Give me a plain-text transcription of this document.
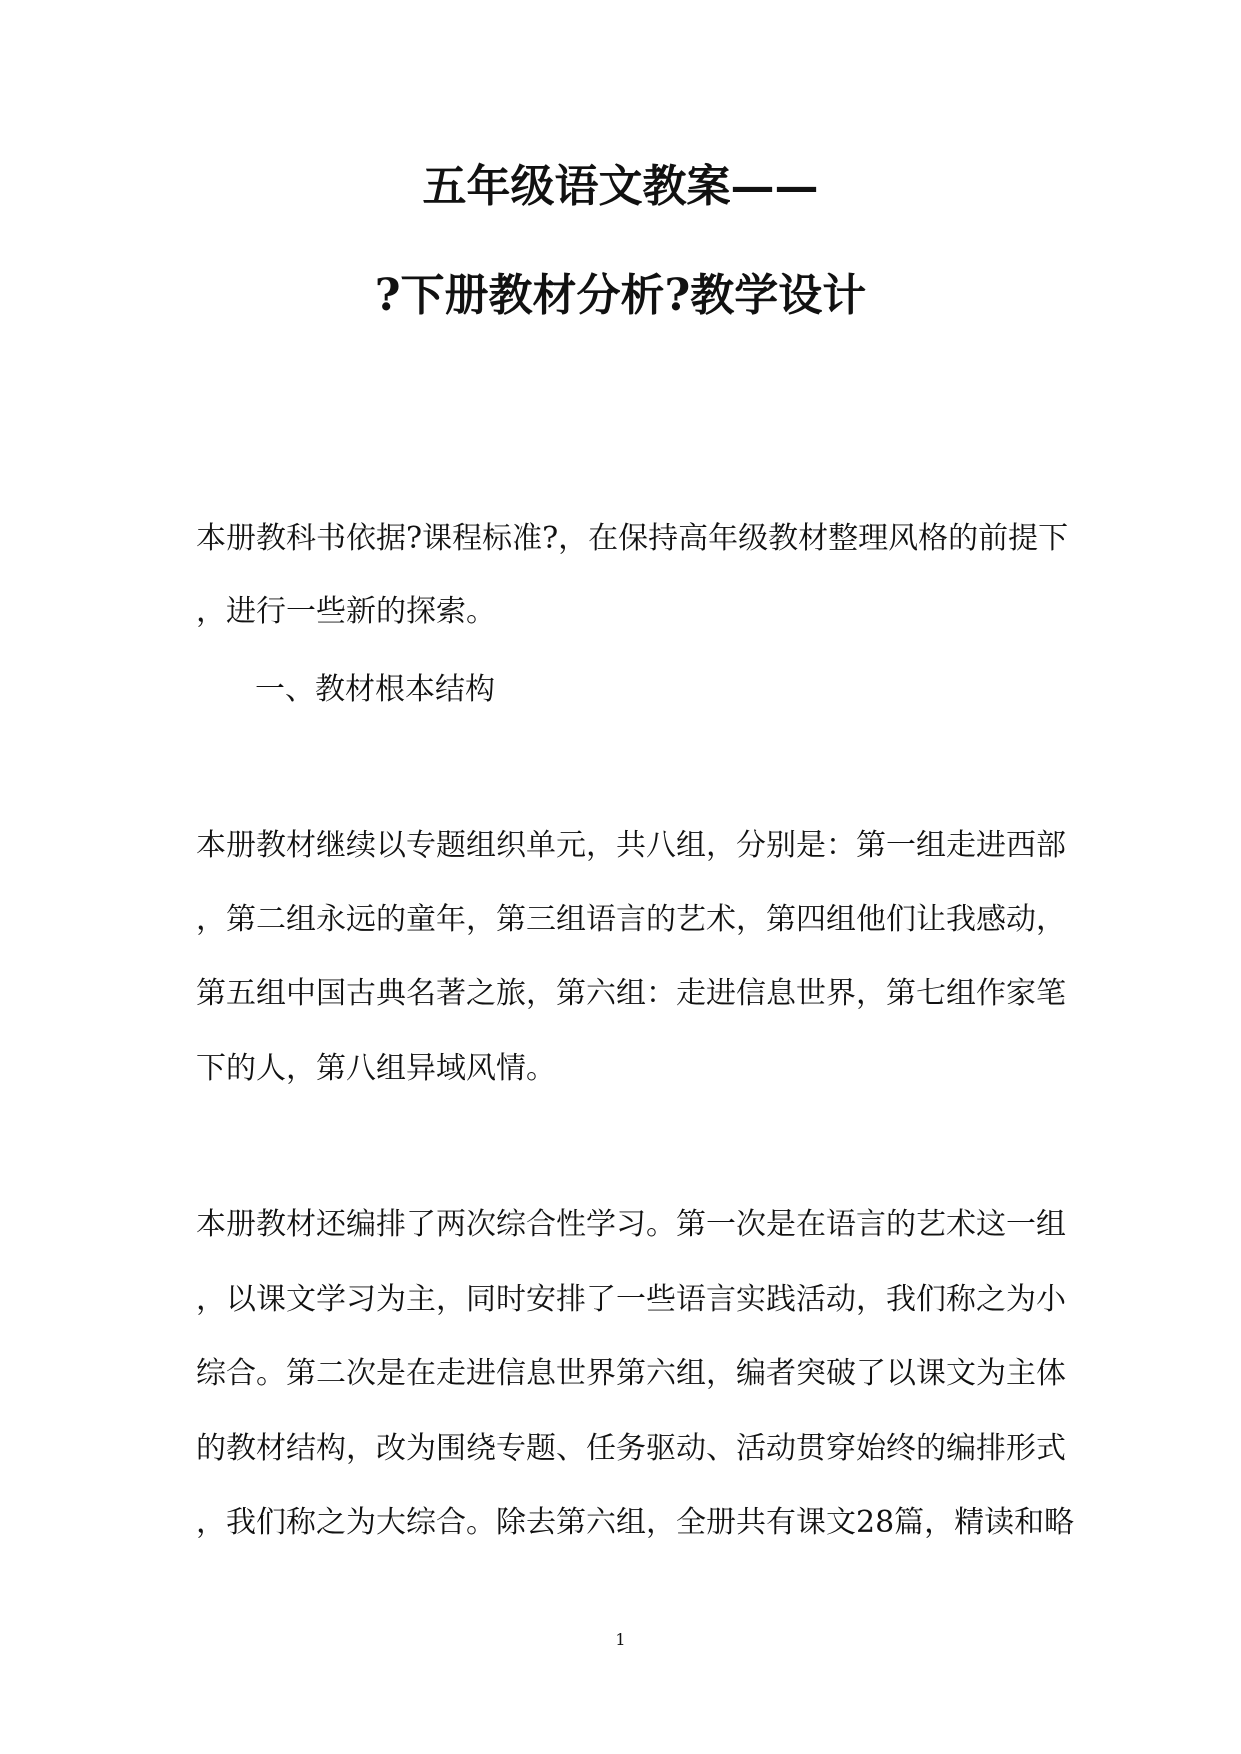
五年级语文教案——
?下册教材分析?教学设计
本册教科书依据?课程标准?，在保持高年级教材整理风格的前提下
，进行一些新的探索。
一、教材根本结构
本册教材继续以专题组织单元，共八组，分别是：第一组走进西部
，第二组永远的童年，第三组语言的艺术，第四组他们让我感动，
第五组中国古典名著之旅，第六组：走进信息世界，第七组作家笔
下的人，第八组异域风情。
本册教材还编排了两次综合性学习。第一次是在语言的艺术这一组
，以课文学习为主，同时安排了一些语言实践活动，我们称之为小
综合。第二次是在走进信息世界第六组，编者突破了以课文为主体
的教材结构，改为围绕专题、任务驱动、活动贯穿始终的编排形式
，我们称之为大综合。除去第六组，全册共有课文28篇，精读和略
1
